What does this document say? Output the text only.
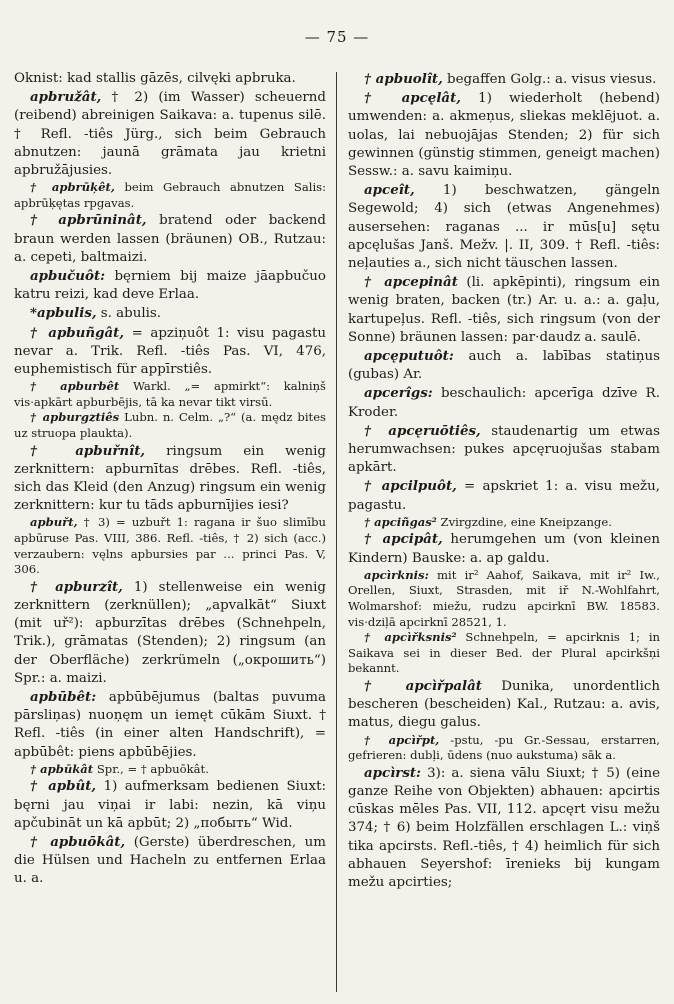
— 75 —

Oknist: kad stallis gāzēs, cilvęki apbruka.

apbružât, † 2) (im Wasser) scheuernd (reibend) abreinigen Saikava: a. tupenus silē. † Refl. -tiês Jürg., sich beim Gebrauch abnutzen: jaunā grāmata jau krietni apbružājusies.

† apbrūķêt, beim Gebrauch abnutzen Salis: apbrūķętas rpgavas.

† apbrūninât, bratend oder backend braun werden lassen (bräunen) OB., Rutzau: a. cepeti, baltmaizi.

apbučuôt: bęrniem bij maize jāapbučuo katru reizi, kad deve Erlaa.

*apbulis, s. abulis.

† apbuñgât, = apziņuôt 1: visu pagastu nevar a. Trik. Refl. -tiês Pas. VI, 476, euphemistisch für appīrstiês.

† apburbêt Warkl. „= apmirkt“: kalniņš vis·apkārt apburbējis, tā ka nevar tikt virsū.

† apburgztiês Lubn. n. Celm. „?“ (a. mędz bites uz struopa plaukta).

† apbuřnît, ringsum ein wenig zerknittern: apburnītas drēbes. Refl. -tiês, sich das Kleid (den Anzug) ringsum ein wenig zerknittern: kur tu tāds apburnījies iesi?

apbuřt, † 3) = uzbuřt 1: ragana ir šuo slimību apbūruse Pas. VIII, 386. Refl. -tiês, † 2) sich (acc.) verzaubern: vęlns apbursies par ... princi Pas. V, 306.

† apburzît, 1) stellenweise ein wenig zerknittern (zerknüllen); „apvalkāt“ Siuxt (mit uř²): apburzītas drēbes (Schnehpeln, Trik.), grāmatas (Stenden); 2) ringsum (an der Oberfläche) zerkrümeln („окрошить“) Spr.: a. maizi.

apbūbêt: apbūbējumus (baltas puvuma pārsliņas) nuoņęm un iemęt cūkām Siuxt. † Refl. -tiês (in einer alten Handschrift), = apbūbêt: piens apbūbējies.

† apbūkât Spr., = † apbuōkât.

† apbût, 1) aufmerksam bedienen Siuxt: bęrni jau viņai ir labi: nezin, kā viņu apčubināt un kā apbūt; 2) „побыть“ Wid.

† apbuōkât, (Gerste) überdreschen, um die Hülsen und Hacheln zu entfernen Erlaa u. a.

† apbuolît, begaffen Golg.: a. visus viesus.

† apcęlât, 1) wiederholt (hebend) umwenden: a. akmeņus, sliekas meklējuot. a. uolas, lai nebuojājas Stenden; 2) für sich gewinnen (günstig stimmen, geneigt machen) Sessw.: a. savu kaimiņu.

apceît, 1) beschwatzen, gängeln Segewold; 4) sich (etwas Angenehmes) ausersehen: raganas ... ir mūs[u] sętu apcęlušas Janš. Mežv. |. II, 309. † Refl. -tiês: neļauties a., sich nicht täuschen lassen.

† apcepinât (li. apkēpinti), ringsum ein wenig braten, backen (tr.) Ar. u. a.: a. gaļu, kartupeļus. Refl. -tiês, sich ringsum (von der Sonne) bräunen lassen: par·daudz a. saulē.

apcęputuôt: auch a. labības statiņus (gubas) Ar.

apcerîgs: beschaulich: apcerīga dzīve R. Kroder.

† apcęruōtiês, staudenartig um etwas herumwachsen: pukes apcęruojušas stabam apkārt.

† apcilpuôt, = apskriet 1: a. visu mežu, pagastu.

† apciñgas² Zvirgzdine, eine Kneipzange.

† apcipât, herumgehen um (von kleinen Kindern) Bauske: a. ap galdu.

apcìrknis: mit ir² Aahof, Saikava, mit ir² Iw., Orellen, Siuxt, Strasden, mit iř N.-Wohlfahrt, Wolmarshof: miežu, rudzu apcirknī BW. 18583. vis·dziļā apcirknī 28521, 1.

† apcìřksnis² Schnehpeln, = apcirknis 1; in Saikava sei in dieser Bed. der Plural apcirkšņi bekannt.

† apcìřpalât Dunika, unordentlich bescheren (bescheiden) Kal., Rutzau: a. avis, matus, diegu galus.

† apcìřpt, -pstu, -pu Gr.-Sessau, erstarren, gefrieren: dubļi, ūdens (nuo aukstuma) sāk a.

apcìrst: 3): a. siena vālu Siuxt; † 5) (eine ganze Reihe von Objekten) abhauen: apcirtis cūskas mēles Pas. VII, 112. apcęrt visu mežu 374; † 6) beim Holzfällen erschlagen L.: viņš tika apcirsts. Refl.-tiês, † 4) heimlich für sich abhauen Seyershof: īrenieks bij kungam mežu apcirties;
